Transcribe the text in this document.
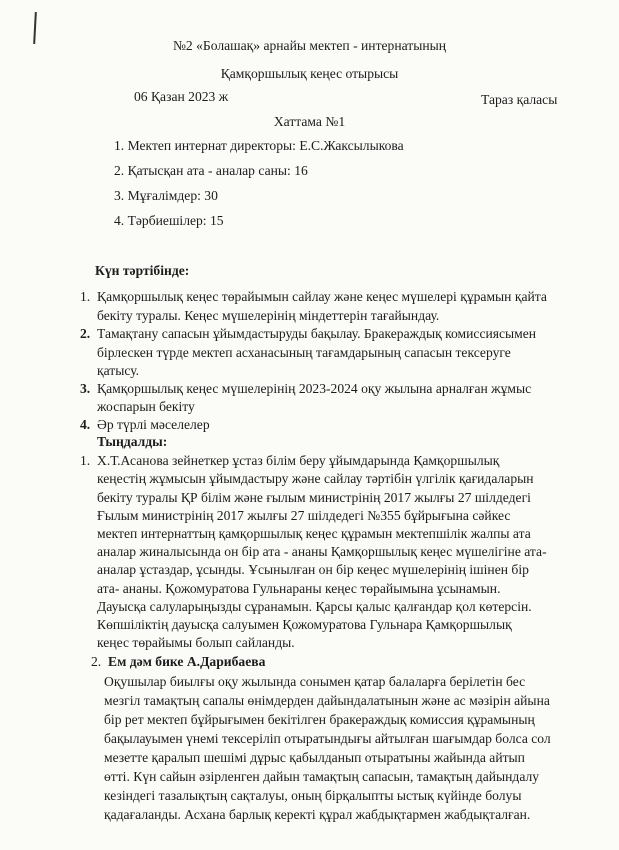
№2 «Болашақ» арнайы мектеп - интернатының
Қамқоршылық кеңес отырысы
06 Қазан 2023 ж	Тараз қаласы
Хаттама №1
1. Мектеп интернат директоры: Е.С.Жаксылыкова
2. Қатысқан ата - аналар саны: 16
3. Мұғалімдер: 30
4. Тәрбиешілер: 15
Күн тәртібінде:
1. Қамқоршылық кеңес төрайымын сайлау және кеңес мүшелері құрамын қайта
бекіту туралы. Кеңес мүшелерінің міндеттерін тағайындау.
2. Тамақтану сапасын ұйымдастыруды бақылау. Бракераждық комиссиясымен
бірлескен түрде мектеп асханасының тағамдарының сапасын тексеруге
қатысу.
3. Қамқоршылық кеңес мүшелерінің 2023-2024 оқу жылына арналған жұмыс
жоспарын бекіту
4. Әр түрлі мәселелер
Тыңдалды:
1. Х.Т.Асанова зейнеткер ұстаз білім беру ұйымдарында Қамқоршылық
кеңестің жұмысын ұйымдастыру және сайлау тәртібін үлгілік қағидаларын
бекіту туралы ҚР білім және ғылым министрінің 2017 жылғы 27 шілдедегі
Ғылым министрінің 2017 жылғы 27 шілдедегі №355 бұйрығына сәйкес
мектеп интернаттың қамқоршылық кеңес құрамын мектепшілік жалпы ата
аналар жиналысында он бір ата - ананы Қамқоршылық кеңес мүшелігіне ата-
аналар ұстаздар, ұсынды. Ұсынылған он бір кеңес мүшелерінің ішінен бір
ата- ананы. Қожомуратова Гульнараны кеңес төрайымына ұсынамын.
Дауысқа салуларыңызды сұранамын. Қарсы қалыс қалғандар қол көтерсін.
Көпшіліктің дауысқа салуымен Қожомуратова Гульнара Қамқоршылық
кеңес төрайымы болып сайланды.
2. Ем дәм бике А.Дарибаева
Оқушылар биылғы оқу жылында сонымен қатар балаларға берілетін бес
мезгіл тамақтың сапалы өнімдерден дайындалатынын және ас мәзірін айына
бір рет мектеп бұйрығымен бекітілген бракераждық комиссия құрамының
бақылауымен үнемі тексеріліп отыратындығы айтылған шағымдар болса сол
мезетте қаралып шешімі дұрыс қабылданып отыратыны жайында айтып
өтті. Күн сайын әзірленген дайын тамақтың сапасын, тамақтың дайындалу
кезіндегі тазалықтың сақталуы, оның бірқалыпты ыстық күйінде болуы
қадағаланды. Асхана барлық керекті құрал жабдықтармен жабдықталған.
